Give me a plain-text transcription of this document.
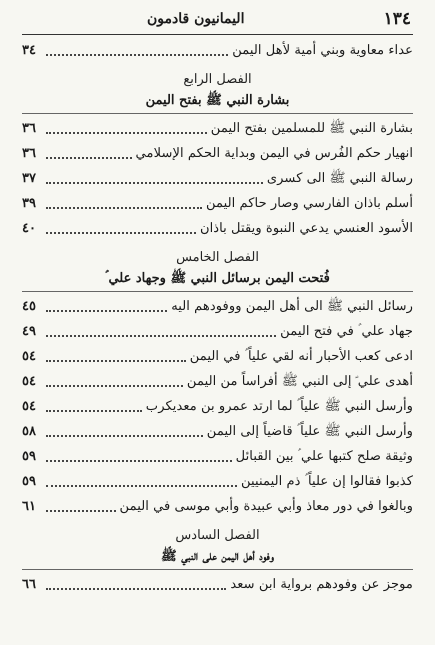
١٣٤
اليمانيون قادمون
عداء معاوية وبني أمية لأهل اليمن
٣٤
الفصل الرابع
بشارة النبي ﷺ بفتح اليمن
بشارة النبي ﷺ للمسلمين بفتح اليمن
٣٦
انهيار حكم الفُرس في اليمن وبداية الحكم الإسلامي
٣٦
رسالة النبي ﷺ الى كسرى
٣٧
أسلم باذان الفارسي وصار حاكم اليمن
٣٩
الأسود العنسي يدعي النبوة ويقتل باذان
٤٠
الفصل الخامس
فُتحت اليمن برسائل النبي ﷺ وجهاد علي ؑ
رسائل النبي ﷺ الى أهل اليمن ووفودهم اليه
٤٥
جهاد علي ؑ في فتح اليمن
٤٩
ادعى كعب الأحبار أنه لقي علياً ؑ في اليمن
٥٤
أهدى علي ؑ إلى النبي ﷺ أفراساً من اليمن
٥٤
وأرسل النبي ﷺ علياً ؑ لما ارتد عمرو بن معديكرب
٥٤
وأرسل النبي ﷺ علياً ؑ قاضياً إلى اليمن
٥٨
وثيقة صلح كتبها علي ؑ بين القبائل
٥٩
كذبوا فقالوا إن علياً ؑ ذم اليمنيين
٥٩
وبالغوا في دور معاذ وأبي عبيدة وأبي موسى في اليمن
٦١
الفصل السادس
وفود أهل اليمن على النبي ﷺ
موجز عن وفودهم برواية ابن سعد
٦٦
